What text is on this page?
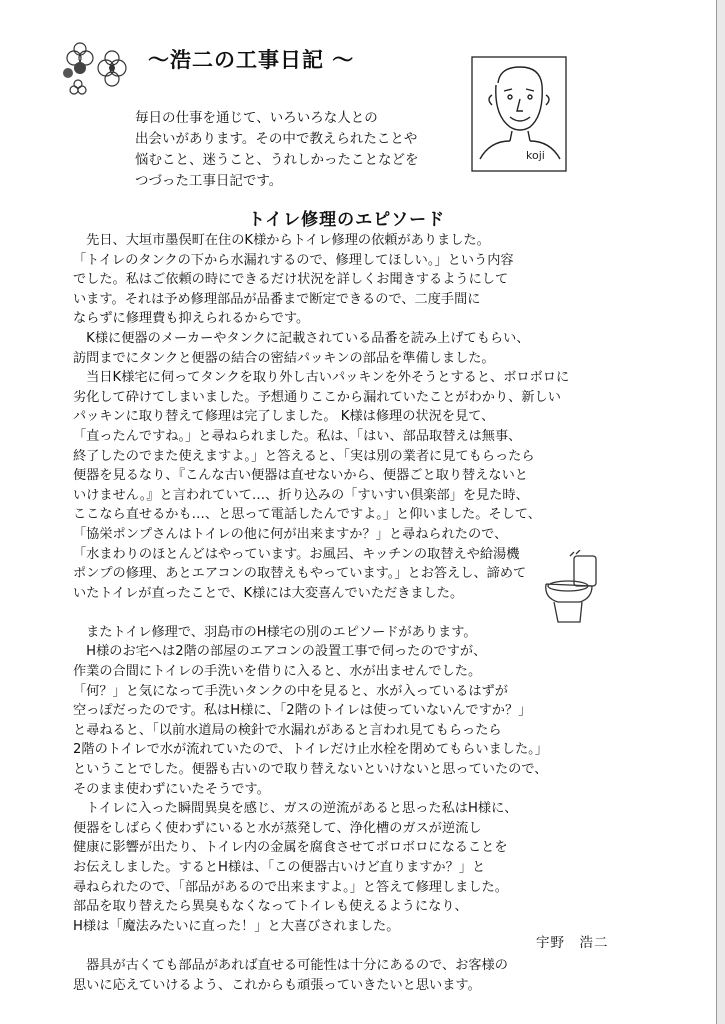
～浩二の工事日記 ～
毎日の仕事を通じて、いろいろな人との
出会いがあります。その中で教えられたことや
悩むこと、迷うこと、うれしかったことなどを
つづった工事日記です。
koji
トイレ修理のエピソード

　先日、大垣市墨俣町在住のK様からトイレ修理の依頼がありました。

「トイレのタンクの下から水漏れするので、修理してほしい。」という内容

でした。私はご依頼の時にできるだけ状況を詳しくお聞きするようにして

います。それは予め修理部品が品番まで断定できるので、二度手間に

ならずに修理費も抑えられるからです。

　K様に便器のメーカーやタンクに記載されている品番を読み上げてもらい、

訪問までにタンクと便器の結合の密結パッキンの部品を準備しました。

　当日K様宅に伺ってタンクを取り外し古いパッキンを外そうとすると、ボロボロに

劣化して砕けてしまいました。予想通りここから漏れていたことがわかり、新しい

パッキンに取り替えて修理は完了しました。 K様は修理の状況を見て、

「直ったんですね。」と尋ねられました。私は、「はい、部品取替えは無事、

終了したのでまた使えますよ。」と答えると、「実は別の業者に見てもらったら

便器を見るなり、『こんな古い便器は直せないから、便器ごと取り替えないと

いけません。』と言われていて…、折り込みの「すいすい倶楽部」を見た時、

ここなら直せるかも…、と思って電話したんですよ。」と仰いました。そして、

「協栄ポンプさんはトイレの他に何が出来ますか？」と尋ねられたので、

「水まわりのほとんどはやっています。お風呂、キッチンの取替えや給湯機

ポンプの修理、あとエアコンの取替えもやっています。」とお答えし、諦めて

いたトイレが直ったことで、K様には大変喜んでいただきました。

　またトイレ修理で、羽島市のH様宅の別のエピソードがあります。

　H様のお宅へは2階の部屋のエアコンの設置工事で伺ったのですが、

作業の合間にトイレの手洗いを借りに入ると、水が出ませんでした。

「何？」と気になって手洗いタンクの中を見ると、水が入っているはずが

空っぽだったのです。私はH様に、「2階のトイレは使っていないんですか？」

と尋ねると、「以前水道局の検針で水漏れがあると言われ見てもらったら

2階のトイレで水が流れていたので、トイレだけ止水栓を閉めてもらいました。」

ということでした。便器も古いので取り替えないといけないと思っていたので、

そのまま使わずにいたそうです。

　トイレに入った瞬間異臭を感じ、ガスの逆流があると思った私はH様に、

便器をしばらく使わずにいると水が蒸発して、浄化槽のガスが逆流し

健康に影響が出たり、トイレ内の金属を腐食させてボロボロになることを

お伝えしました。するとH様は、「この便器古いけど直りますか？」と

尋ねられたので、「部品があるので出来ますよ。」と答えて修理しました。

部品を取り替えたら異臭もなくなってトイレも使えるようになり、

H様は「魔法みたいに直った！」と大喜びされました。

　器具が古くても部品があれば直せる可能性は十分にあるので、お客様の

思いに応えていけるよう、これからも頑張っていきたいと思います。

宇野　浩二
